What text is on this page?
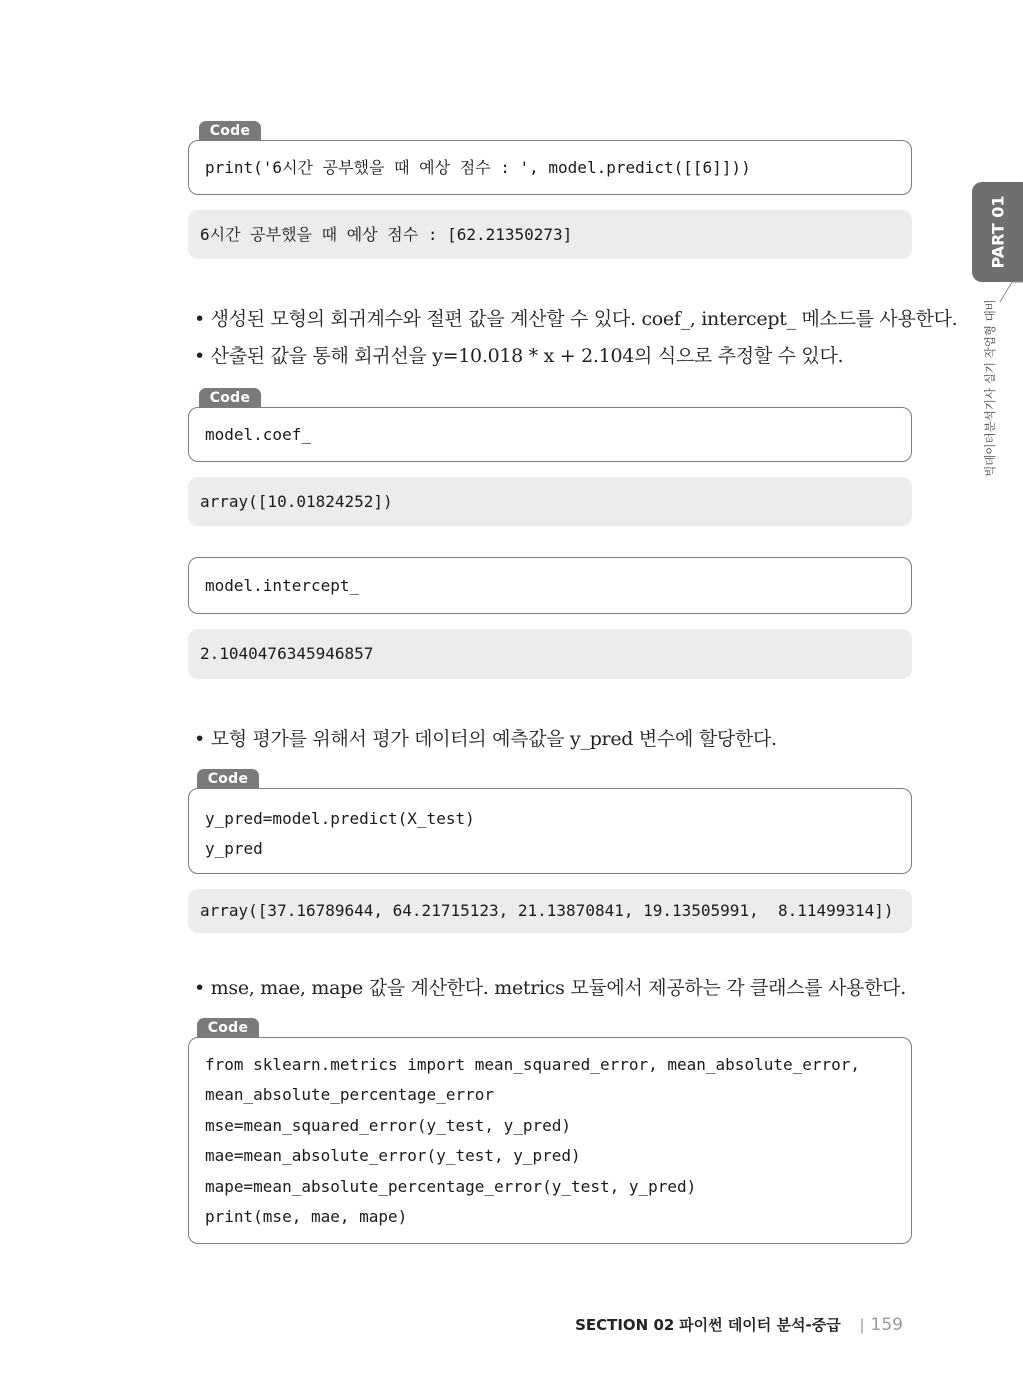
Code
print('6시간 공부했을 때 예상 점수 : ', model.predict([[6]]))
6시간 공부했을 때 예상 점수 : [62.21350273]
• 생성된 모형의 회귀계수와 절편 값을 계산할 수 있다. coef_, intercept_ 메소드를 사용한다.
• 산출된 값을 통해 회귀선을 y=10.018 * x + 2.104의 식으로 추정할 수 있다.
Code
model.coef_
array([10.01824252])
model.intercept_
2.1040476345946857
• 모형 평가를 위해서 평가 데이터의 예측값을 y_pred 변수에 할당한다.
Code
y_pred=model.predict(X_test)
y_pred
array([37.16789644, 64.21715123, 21.13870841, 19.13505991,  8.11499314])
• mse, mae, mape 값을 계산한다. metrics 모듈에서 제공하는 각 클래스를 사용한다.
Code
from sklearn.metrics import mean_squared_error, mean_absolute_error,
mean_absolute_percentage_error
mse=mean_squared_error(y_test, y_pred)
mae=mean_absolute_error(y_test, y_pred)
mape=mean_absolute_percentage_error(y_test, y_pred)
print(mse, mae, mape)
PART 01
빅데이터분석기사 실기 작업형 대비
SECTION 02 파이썬 데이터 분석-중급 | 159
